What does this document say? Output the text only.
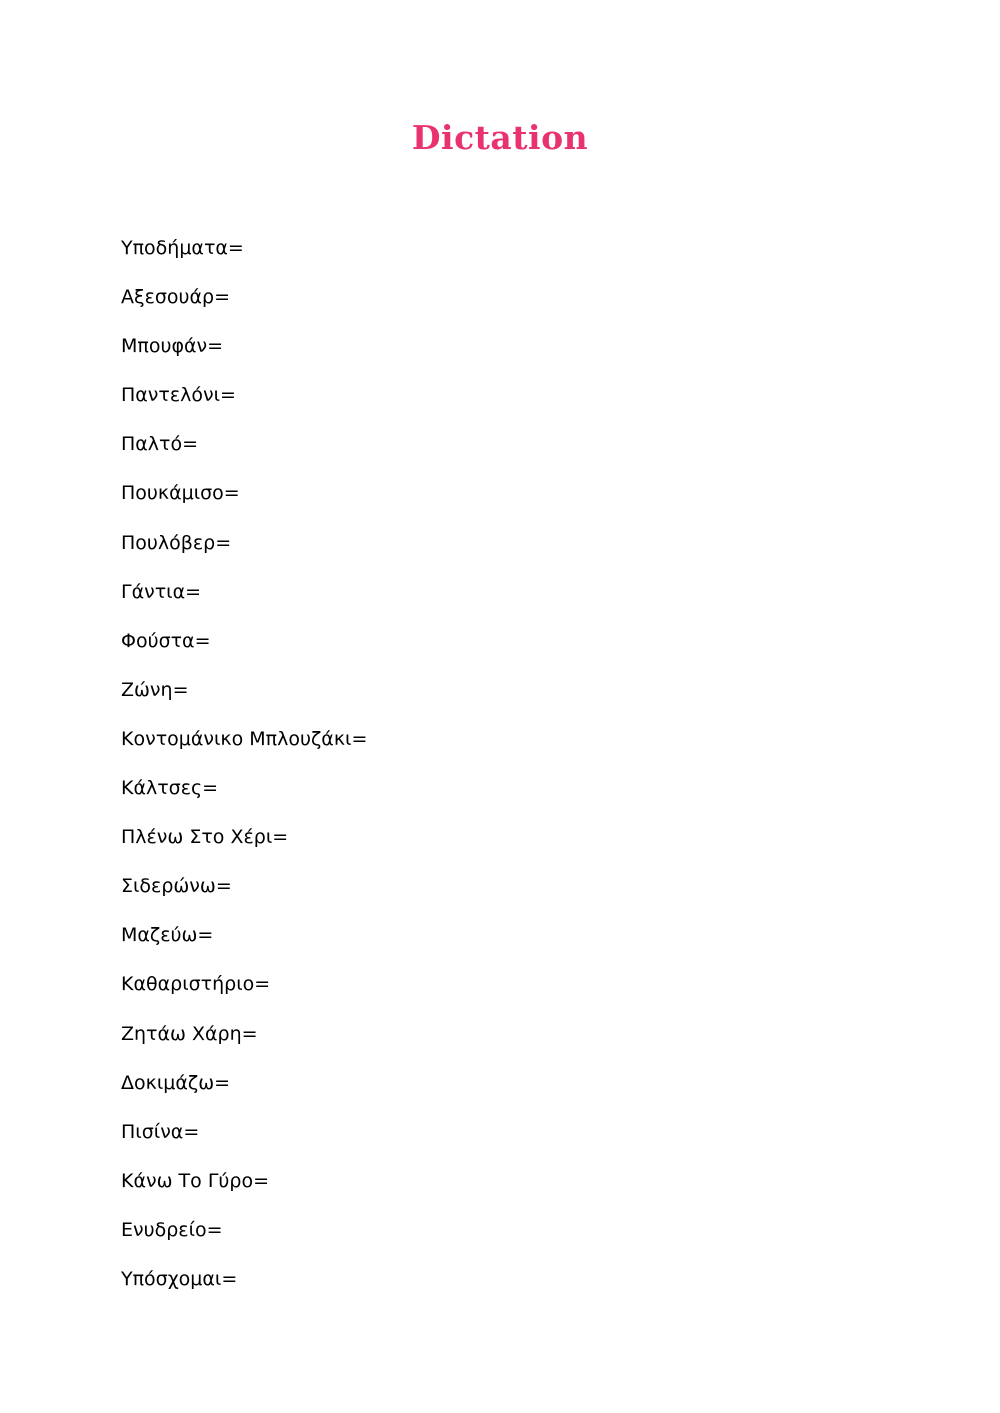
Dictation
Υποδήματα=
Αξεσουάρ=
Μπουφάν=
Παντελόνι=
Παλτό=
Πουκάμισο=
Πουλόβερ=
Γάντια=
Φούστα=
Ζώνη=
Κοντομάνικο Μπλουζάκι=
Κάλτσες=
Πλένω Στο Χέρι=
Σιδερώνω=
Μαζεύω=
Καθαριστήριο=
Ζητάω Χάρη=
Δοκιμάζω=
Πισίνα=
Κάνω Το Γύρο=
Ενυδρείο=
Υπόσχομαι=
